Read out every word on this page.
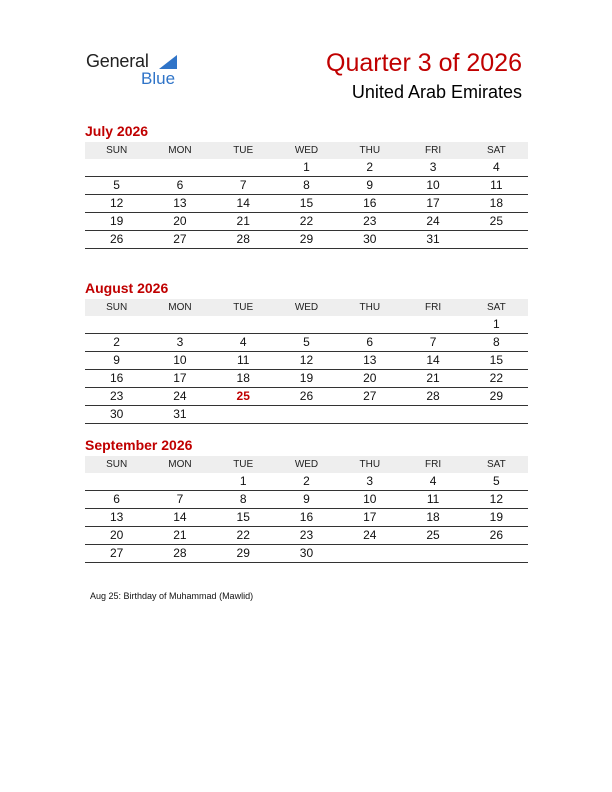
General
Blue
Quarter 3 of 2026
United Arab Emirates
July 2026
SUN	MON	TUE	WED	THU	FRI	SAT
			1	2	3	4
5	6	7	8	9	10	11
12	13	14	15	16	17	18
19	20	21	22	23	24	25
26	27	28	29	30	31	
August 2026
SUN	MON	TUE	WED	THU	FRI	SAT
						1
2	3	4	5	6	7	8
9	10	11	12	13	14	15
16	17	18	19	20	21	22
23	24	25	26	27	28	29
30	31					
September 2026
SUN	MON	TUE	WED	THU	FRI	SAT
		1	2	3	4	5
6	7	8	9	10	11	12
13	14	15	16	17	18	19
20	21	22	23	24	25	26
27	28	29	30			
Aug 25: Birthday of Muhammad (Mawlid)
